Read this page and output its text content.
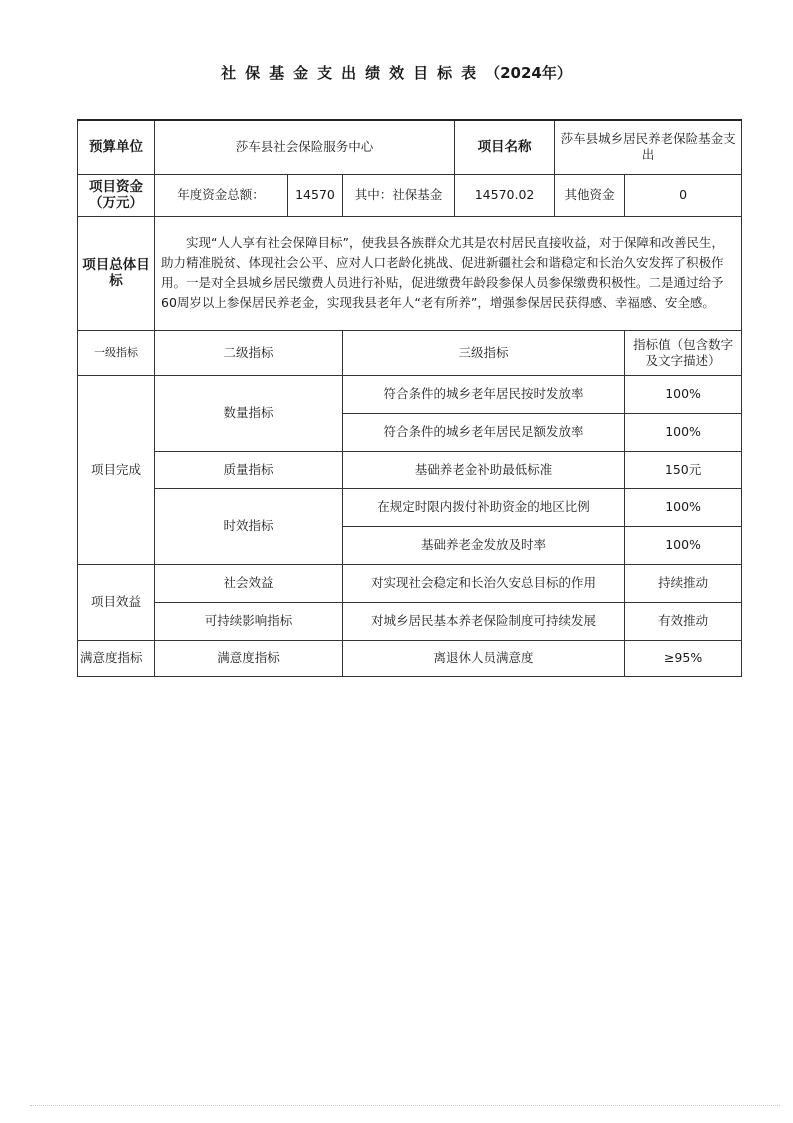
社保基金支出绩效目标表（2024年）
预算单位	莎车县社会保险服务中心			项目名称	莎车县城乡居民养老保险基金支出	
项目资金（万元）	年度资金总额：	14570	其中：社保基金	14570.02	其他资金	0
项目总体目标	实现“人人享有社会保障目标”，使我县各族群众尤其是农村居民直接收益，对于保障和改善民生，助力精准脱贫、体现社会公平、应对人口老龄化挑战、促进新疆社会和谐稳定和长治久安发挥了积极作用。一是对全县城乡居民缴费人员进行补贴，促进缴费年龄段参保人员参保缴费积极性。二是通过给予60周岁以上参保居民养老金，实现我县老年人“老有所养”，增强参保居民获得感、幸福感、安全感。					
一级指标	二级指标		三级指标			指标值（包含数字及文字描述）
项目完成	数量指标		符合条件的城乡老年居民按时发放率			100%
			符合条件的城乡老年居民足额发放率			100%
	质量指标		基础养老金补助最低标准			150元
	时效指标		在规定时限内拨付补助资金的地区比例			100%
			基础养老金发放及时率			100%
项目效益	社会效益		对实现社会稳定和长治久安总目标的作用			持续推动
	可持续影响指标		对城乡居民基本养老保险制度可持续发展			有效推动
满意度指标	满意度指标		离退休人员满意度			≥95%
